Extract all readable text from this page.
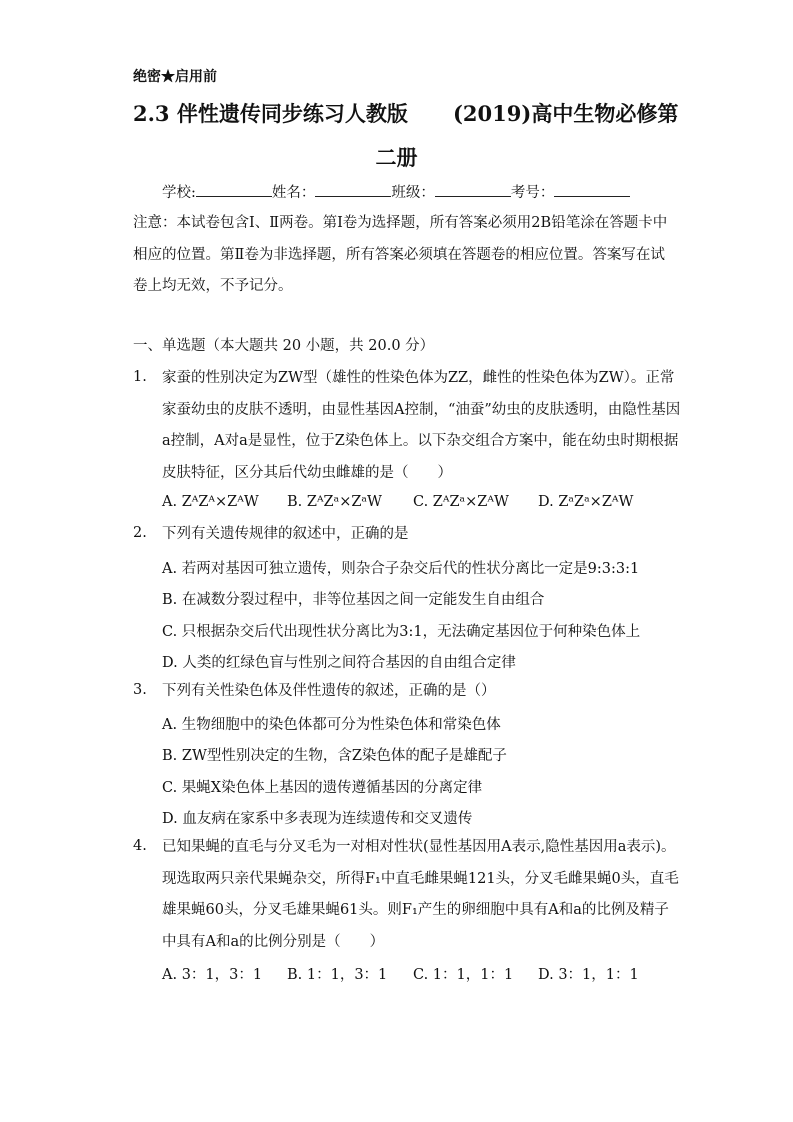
绝密★启用前
2.3 伴性遗传同步练习人教版 (2019)高中生物必修第
二册
学校:	姓名：	班级：	考号：
注意：本试卷包含Ⅰ、Ⅱ两卷。第Ⅰ卷为选择题，所有答案必须用2B铅笔涂在答题卡中相应的位置。第Ⅱ卷为非选择题，所有答案必须填在答题卷的相应位置。答案写在试卷上均无效，不予记分。
一、单选题（本大题共 20 小题，共 20.0 分）
1. 家蚕的性别决定为ZW型（雄性的性染色体为ZZ，雌性的性染色体为ZW）。正常家蚕幼虫的皮肤不透明，由显性基因A控制，“油蚕”幼虫的皮肤透明，由隐性基因a控制，A对a是显性，位于Z染色体上。以下杂交组合方案中，能在幼虫时期根据皮肤特征，区分其后代幼虫雌雄的是（　　）
A. ZᴬZᴬ×ZᴬW B. ZᴬZᵃ×ZᵃW C. ZᴬZᵃ×ZᴬW D. ZᵃZᵃ×ZᴬW
2. 下列有关遗传规律的叙述中，正确的是
A. 若两对基因可独立遗传，则杂合子杂交后代的性状分离比一定是9:3:3:1
B. 在减数分裂过程中，非等位基因之间一定能发生自由组合
C. 只根据杂交后代出现性状分离比为3:1，无法确定基因位于何种染色体上
D. 人类的红绿色盲与性别之间符合基因的自由组合定律
3. 下列有关性染色体及伴性遗传的叙述，正确的是（）
A. 生物细胞中的染色体都可分为性染色体和常染色体
B. ZW型性别决定的生物，含Z染色体的配子是雄配子
C. 果蝇X染色体上基因的遗传遵循基因的分离定律
D. 血友病在家系中多表现为连续遗传和交叉遗传
4. 已知果蝇的直毛与分叉毛为一对相对性状(显性基因用A表示,隐性基因用a表示)。现选取两只亲代果蝇杂交，所得F₁中直毛雌果蝇121头，分叉毛雌果蝇0头，直毛雄果蝇60头，分叉毛雄果蝇61头。则F₁产生的卵细胞中具有A和a的比例及精子中具有A和a的比例分别是（　　）
A. 3：1，3：1 B. 1：1，3：1 C. 1：1，1：1 D. 3：1，1：1
